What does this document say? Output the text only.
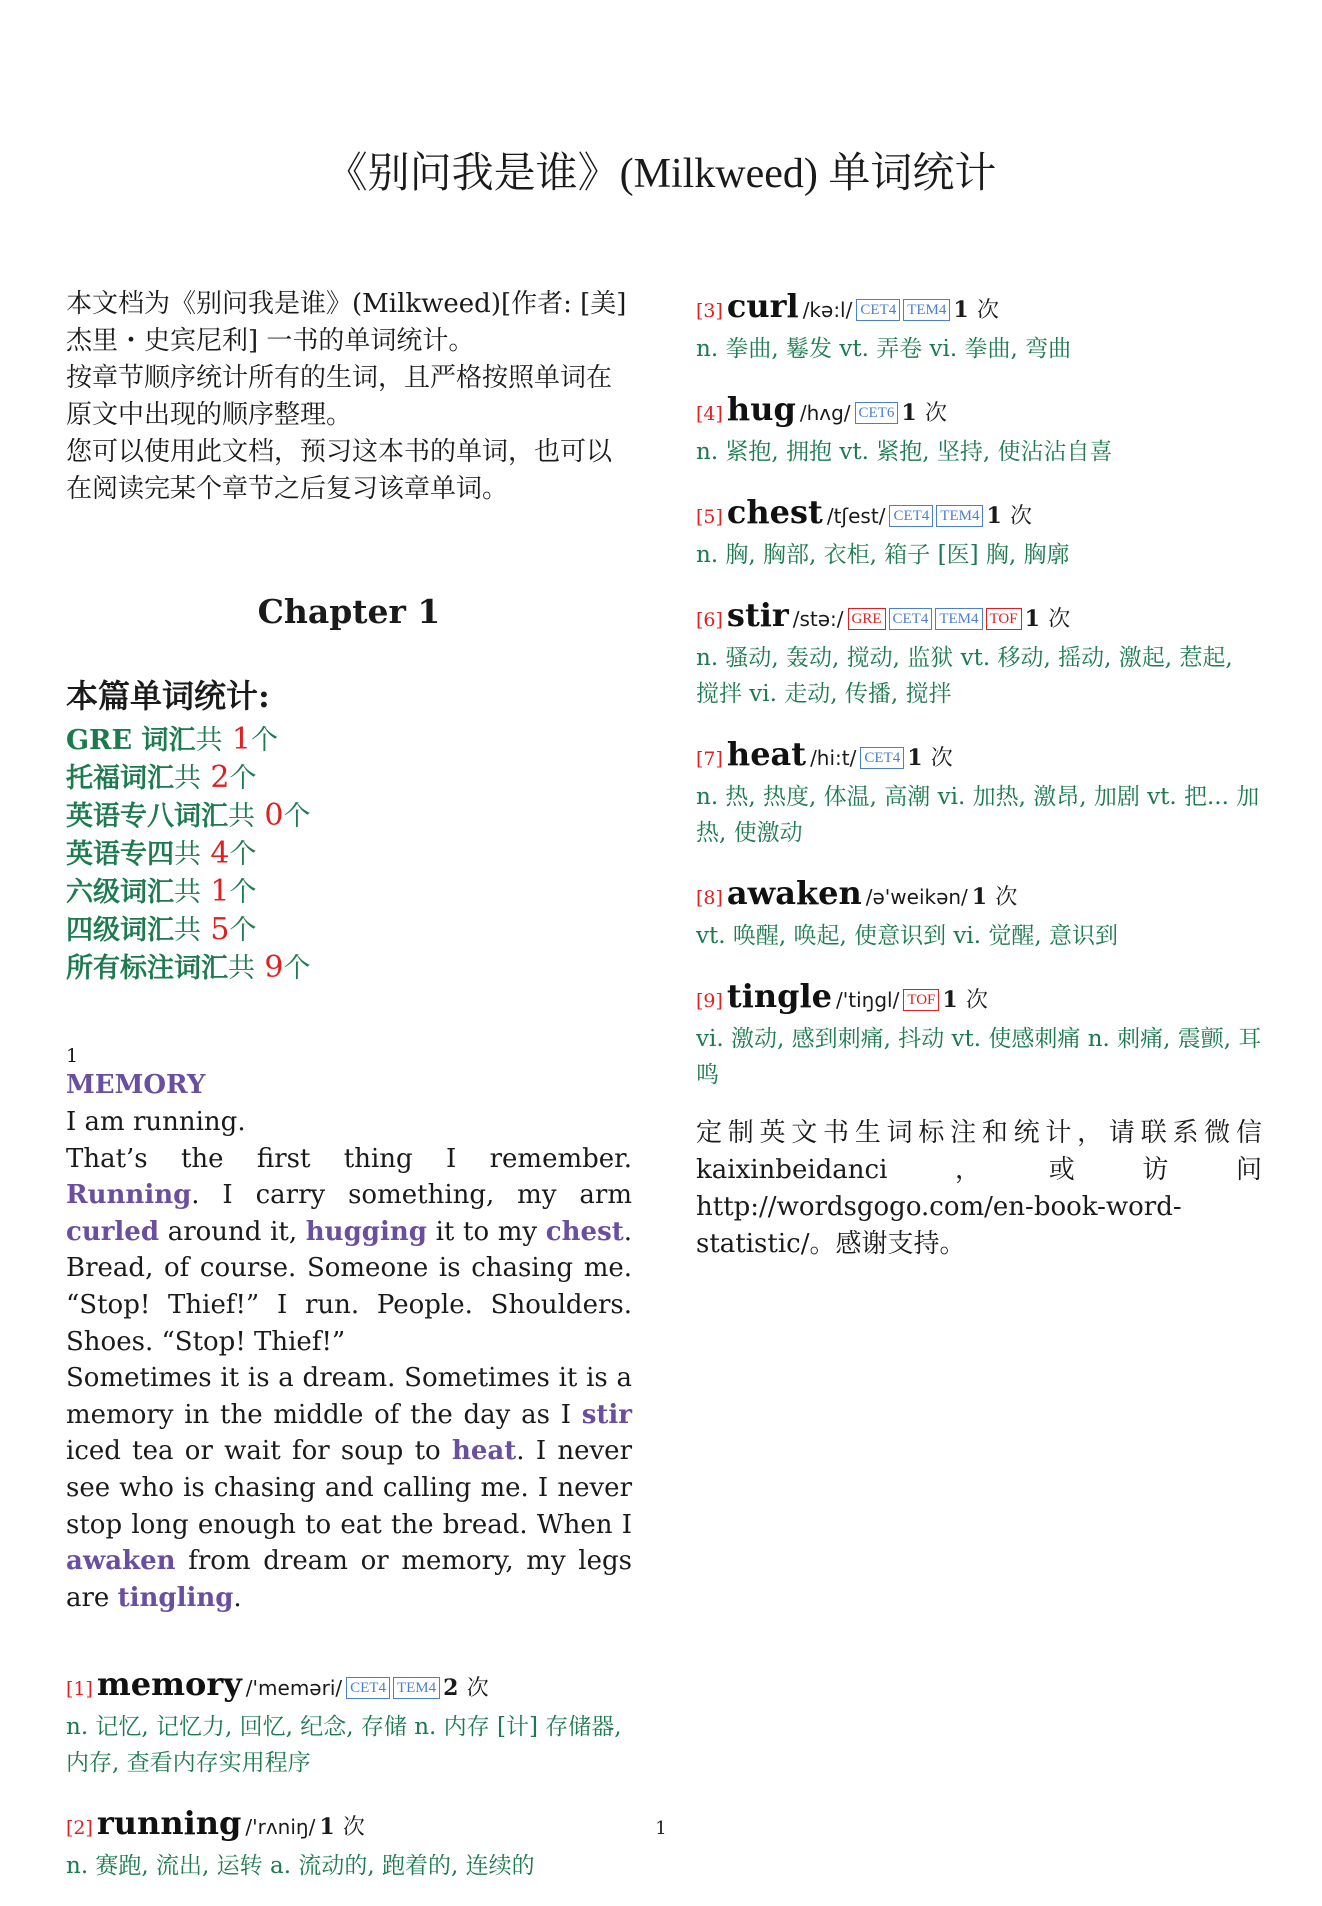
《别问我是谁》(Milkweed) 单词统计

本文档为《别问我是谁》(Milkweed)[作者: [美] 杰里・史宾尼利] 一书的单词统计。

按章节顺序统计所有的生词，且严格按照单词在原文中出现的顺序整理。

您可以使用此文档，预习这本书的单词，也可以在阅读完某个章节之后复习该章单词。

Chapter 1
本篇单词统计:
GRE 词汇共 1个
托福词汇共 2个
英语专八词汇共 0个
英语专四共 4个
六级词汇共 1个
四级词汇共 5个
所有标注词汇共 9个
1
MEMORY

I am running.

That’s the first thing I remember. Running. I carry something, my arm curled around it, hugging it to my chest. Bread, of course. Someone is chasing me. “Stop! Thief!” I run. People. Shoulders. Shoes. “Stop! Thief!”

Sometimes it is a dream. Sometimes it is a memory in the middle of the day as I stir iced tea or wait for soup to heat. I never see who is chasing and calling me. I never stop long enough to eat the bread. When I awaken from dream or memory, my legs are tingling.

[1] memory /'meməri/ CET4 TEM4 2 次
n. 记忆, 记忆力, 回忆, 纪念, 存储 n. 内存 [计] 存储器, 内存, 查看内存实用程序
[2] running /'rʌniŋ/ 1 次
n. 赛跑, 流出, 运转 a. 流动的, 跑着的, 连续的
[3] curl /kə:l/ CET4 TEM4 1 次
n. 拳曲, 鬈发 vt. 弄卷 vi. 拳曲, 弯曲
[4] hug /hʌg/ CET6 1 次
n. 紧抱, 拥抱 vt. 紧抱, 坚持, 使沾沾自喜
[5] chest /tʃest/ CET4 TEM4 1 次
n. 胸, 胸部, 衣柜, 箱子 [医] 胸, 胸廓
[6] stir /stə:/ GRE CET4 TEM4 TOF 1 次
n. 骚动, 轰动, 搅动, 监狱 vt. 移动, 摇动, 激起, 惹起, 搅拌 vi. 走动, 传播, 搅拌
[7] heat /hi:t/ CET4 1 次
n. 热, 热度, 体温, 高潮 vi. 加热, 激昂, 加剧 vt. 把... 加热, 使激动
[8] awaken /ə'weikən/ 1 次
vt. 唤醒, 唤起, 使意识到 vi. 觉醒, 意识到
[9] tingle /'tiŋgl/ TOF 1 次
vi. 激动, 感到刺痛, 抖动 vt. 使感刺痛 n. 刺痛, 震颤, 耳鸣
定制英文书生词标注和统计，请联系微信 kaixinbeidanci，或访问 http://wordsgogo.com/en-book-word-statistic/。感谢支持。
1
